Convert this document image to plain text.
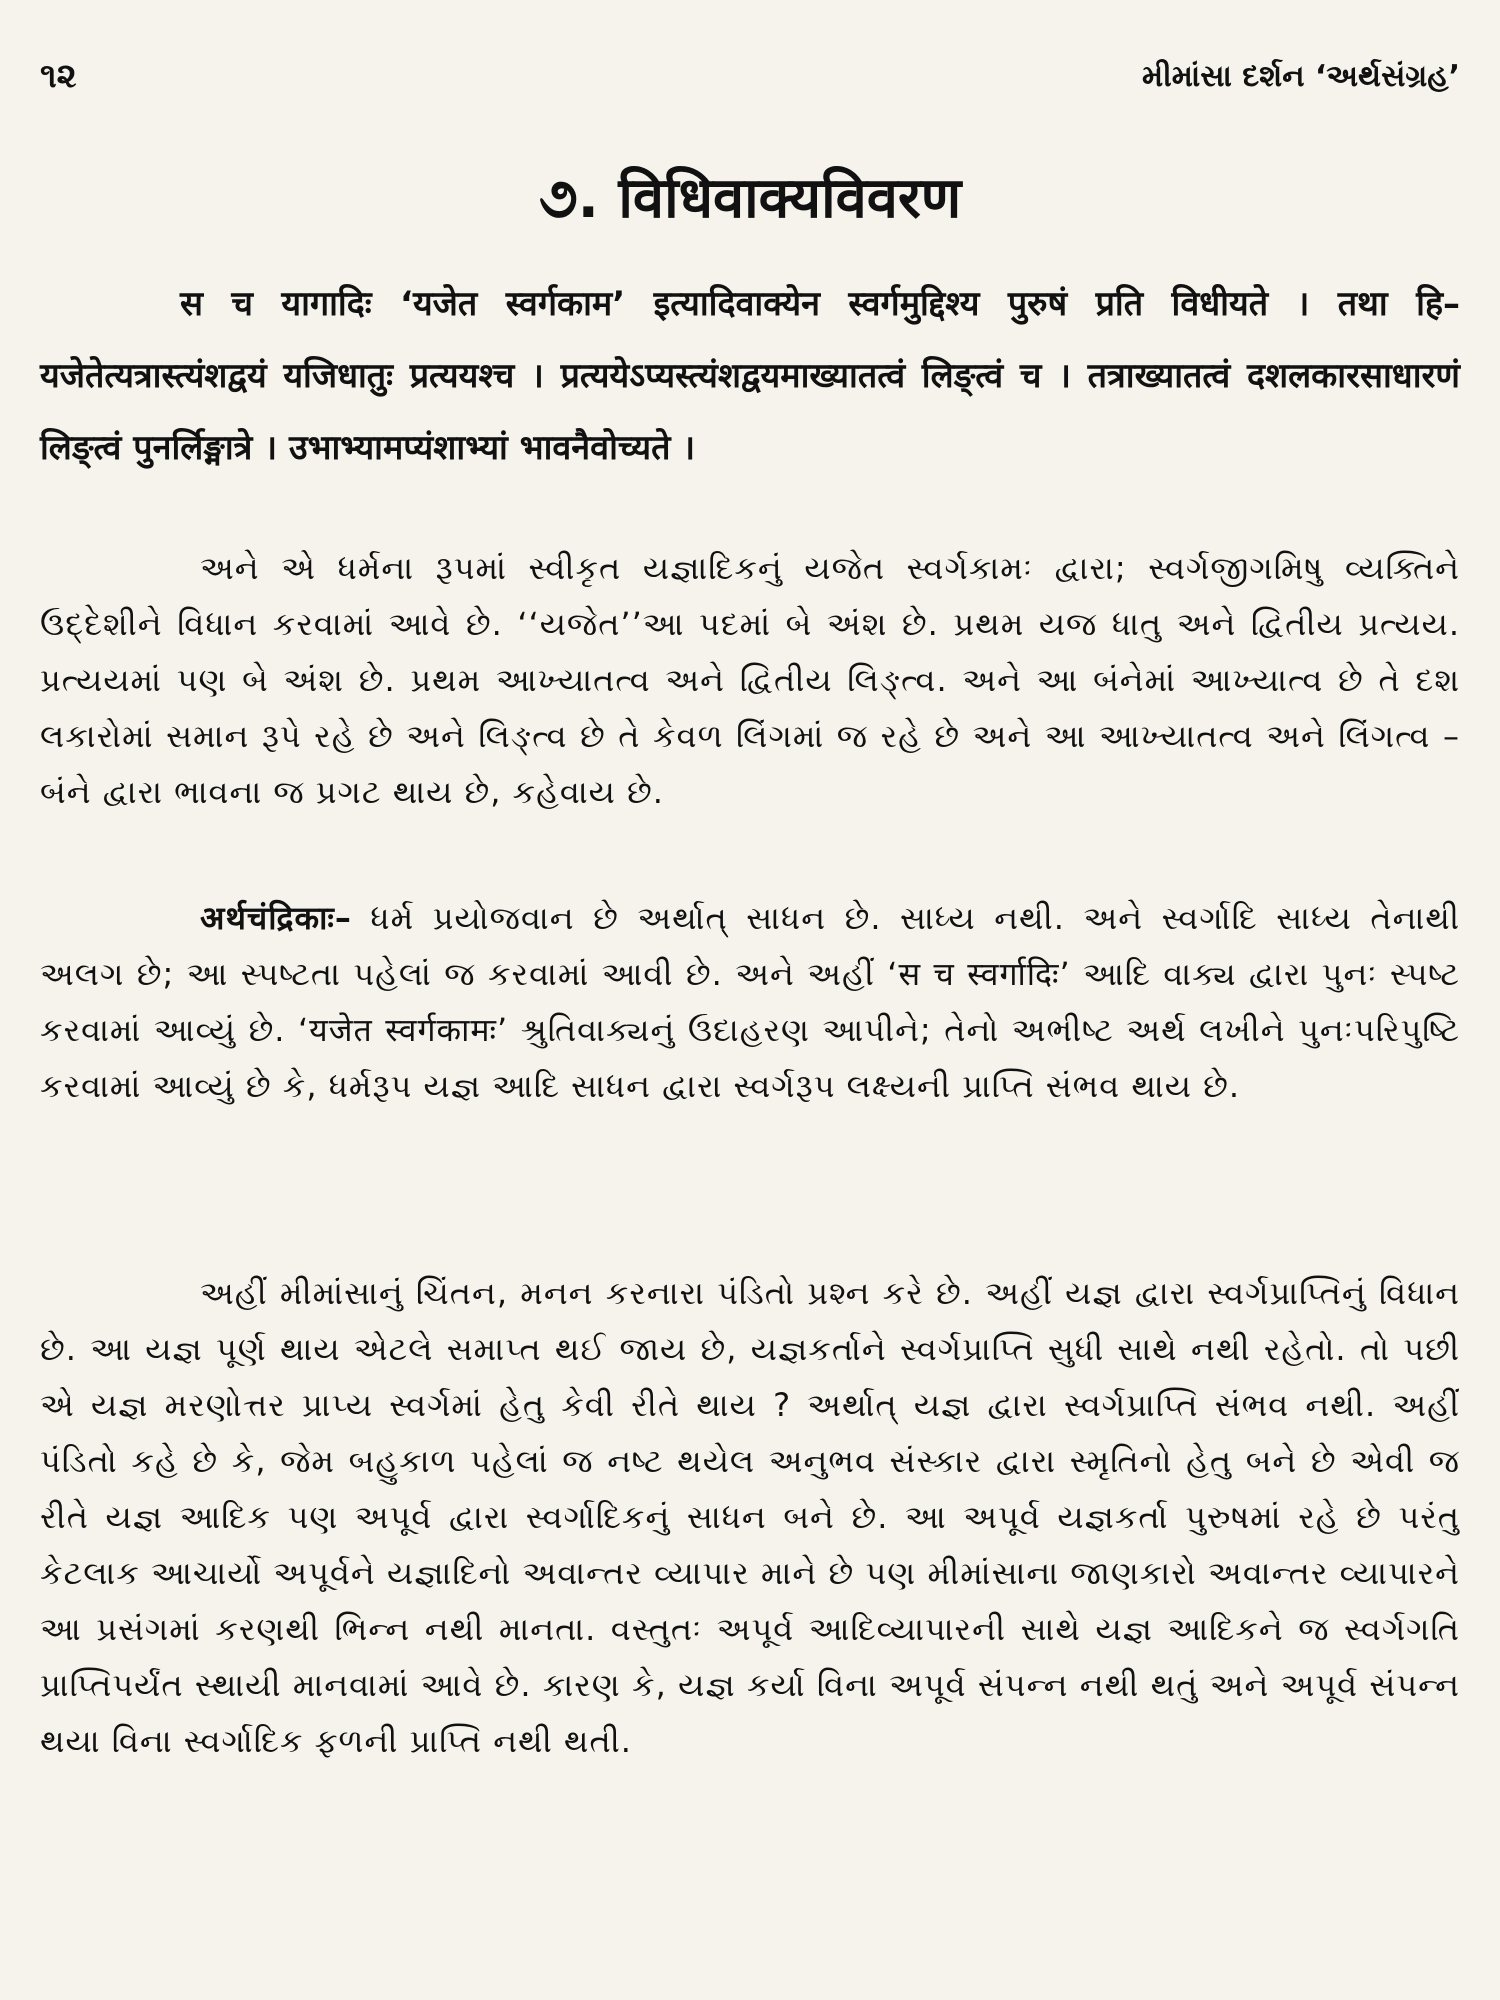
૧૨	મીમાંસા દર્શન ‘અર્થસંગ્રહ’
૭. विधिवाक्यविवरण
स च यागादिः ‘यजेत स्वर्गकाम’ इत्यादिवाक्येन स्वर्गमुद्दिश्य पुरुषं प्रति विधीयते । तथा हि–यजेतेत्यत्रास्त्यंशद्वयं यजिधातुः प्रत्ययश्च । प्रत्ययेऽप्यस्त्यंशद्वयमाख्यातत्वं लिङ्त्वं च । तत्राख्यातत्वं दशलकारसाधारणं लिङ्त्वं पुनर्लिङ्मात्रे । उभाभ्यामप्यंशाभ्यां भावनैवोच्यते ।
અને એ ધર્મના રૂપમાં સ્વીકૃત યજ્ઞાદિકનું યજેત સ્વર્ગકામઃ દ્વારા; સ્વર્ગજીગમિષુ વ્યક્તિને ઉદ્દેશીને વિધાન કરવામાં આવે છે. ‘‘યજેત’’આ પદમાં બે અંશ છે. પ્રથમ યજ ધાતુ અને દ્વિતીય પ્રત્યય. પ્રત્યયમાં પણ બે અંશ છે. પ્રથમ આખ્યાતત્વ અને દ્વિતીય લિઙ્ત્વ. અને આ બંનેમાં આખ્યાત્વ છે તે દશ લકારોમાં સમાન રૂપે રહે છે અને લિઙ્ત્વ છે તે કેવળ લિંગમાં જ રહે છે અને આ આખ્યાતત્વ અને લિંગત્વ – બંને દ્વારા ભાવના જ પ્રગટ થાય છે, કહેવાય છે.
अर्थचंद्रिकाः– ધર્મ પ્રયોજવાન છે અર્થાત્ સાધન છે. સાધ્ય નથી. અને સ્વર્ગાદિ સાધ્ય તેનાથી અલગ છે; આ સ્પષ્ટતા પહેલાં જ કરવામાં આવી છે. અને અહીં ‘स च स्वर्गादिः’ આદિ વાક્ય દ્વારા પુનઃ સ્પષ્ટ કરવામાં આવ્યું છે. ‘यजेत स्वर्गकामः’ શ્રુતિવાક્યનું ઉદાહરણ આપીને; તેનો અભીષ્ટ અર્થ લખીને પુનઃપરિપુષ્ટિ કરવામાં આવ્યું છે કે, ધર્મરૂપ યજ્ઞ આદિ સાધન દ્વારા સ્વર્ગરૂપ લક્ષ્યની પ્રાપ્તિ સંભવ થાય છે.
અહીં મીમાંસાનું ચિંતન, મનન કરનારા પંડિતો પ્રશ્ન કરે છે. અહીં યજ્ઞ દ્વારા સ્વર્ગપ્રાપ્તિનું વિધાન છે. આ યજ્ઞ પૂર્ણ થાય એટલે સમાપ્ત થઈ જાય છે, યજ્ઞકર્તાને સ્વર્ગપ્રાપ્તિ સુધી સાથે નથી રહેતો. તો પછી એ યજ્ઞ મરણોત્તર પ્રાપ્ય સ્વર્ગમાં હેતુ કેવી રીતે થાય ? અર્થાત્ યજ્ઞ દ્વારા સ્વર્ગપ્રાપ્તિ સંભવ નથી. અહીં પંડિતો કહે છે કે, જેમ બહુકાળ પહેલાં જ નષ્ટ થયેલ અનુભવ સંસ્કાર દ્વારા સ્મૃતિનો હેતુ બને છે એવી જ રીતે યજ્ઞ આદિક પણ અપૂર્વ દ્વારા સ્વર્ગાદિકનું સાધન બને છે. આ અપૂર્વ યજ્ઞકર્તા પુરુષમાં રહે છે પરંતુ કેટલાક આચાર્યો અપૂર્વને યજ્ઞાદિનો અવાન્તર વ્યાપાર માને છે પણ મીમાંસાના જાણકારો અવાન્તર વ્યાપારને આ પ્રસંગમાં કરણથી ભિન્ન નથી માનતા. વસ્તુતઃ અપૂર્વ આદિવ્યાપારની સાથે યજ્ઞ આદિકને જ સ્વર્ગગતિ પ્રાપ્તિપર્યંત સ્થાયી માનવામાં આવે છે. કારણ કે, યજ્ઞ કર્યા વિના અપૂર્વ સંપન્ન નથી થતું અને અપૂર્વ સંપન્ન થયા વિના સ્વર્ગાદિક ફળની પ્રાપ્તિ નથી થતી.
